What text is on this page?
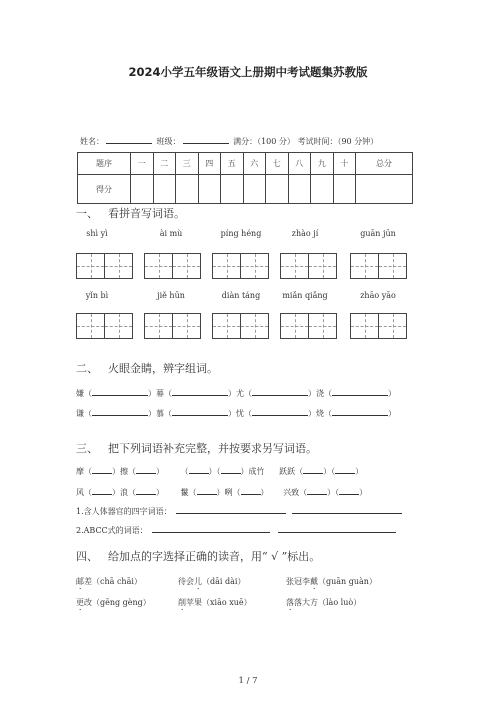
2024小学五年级语文上册期中考试题集苏教版
姓名：	班级：	满分：（100 分） 考试时间：（90 分钟）
题序	一	二	三	四	五	六	七	八	九	十	总分
得分											
一、 看拼音写词语。
shì yì	ài mù	píng héng	zhào jí	guān jūn
yǐn bì	jiě hūn	diàn táng	miǎn qiǎng	zhāo yāo
二、 火眼金睛，辨字组词。
嫌（	）幕（	）尤（	）浇（	）
谦（	）慕（	）忧（	）烧（	）
三、 把下列词语补充完整，并按要求另写词语。
摩（	）擦（	） （	）（	）成竹 跃跃（	）（	）
风（	）浪（	） 鬣（	）咧（	） 兴致（	）（	）
1.含人体器官的四字词语：
2.ABCC式的词语：
四、 给加点的字选择正确的读音，用“ √ ”标出。
邮差（chā chāi）	待会儿（dāi dài）	张冠李戴（guān guàn）
更改（gēng gèng）	削苹果（xiāo xuē）	落落大方（lào luò）
1 / 7
